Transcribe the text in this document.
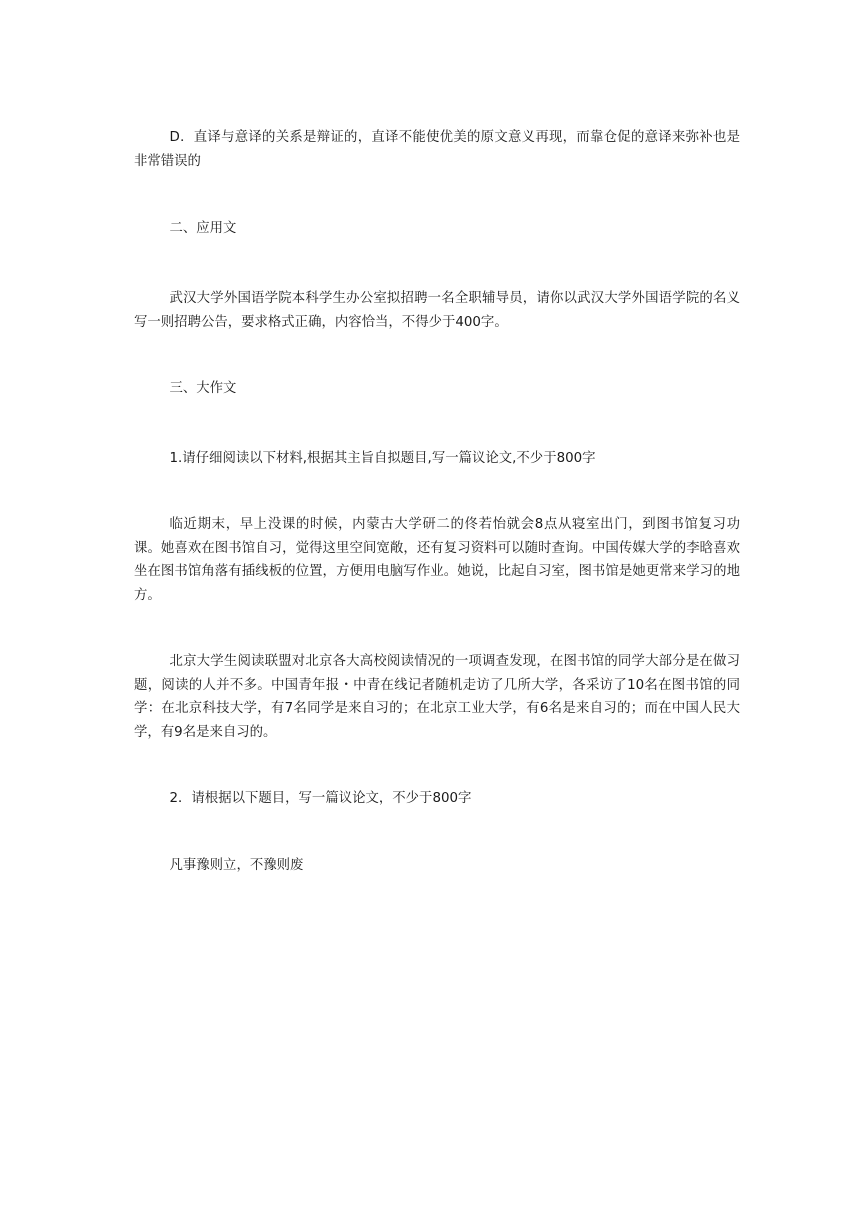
D．直译与意译的关系是辩证的，直译不能使优美的原文意义再现，而靠仓促的意译来弥补也是非常错误的

二、应用文

武汉大学外国语学院本科学生办公室拟招聘一名全职辅导员，请你以武汉大学外国语学院的名义写一则招聘公告，要求格式正确，内容恰当，不得少于400字。

三、大作文

1.请仔细阅读以下材料,根据其主旨自拟题目,写一篇议论文,不少于800字

临近期末，早上没课的时候，内蒙古大学研二的佟若怡就会8点从寝室出门，到图书馆复习功课。她喜欢在图书馆自习，觉得这里空间宽敞，还有复习资料可以随时查询。中国传媒大学的李晗喜欢坐在图书馆角落有插线板的位置，方便用电脑写作业。她说，比起自习室，图书馆是她更常来学习的地方。

北京大学生阅读联盟对北京各大高校阅读情况的一项调查发现，在图书馆的同学大部分是在做习题，阅读的人并不多。中国青年报・中青在线记者随机走访了几所大学，各采访了10名在图书馆的同学：在北京科技大学，有7名同学是来自习的；在北京工业大学，有6名是来自习的；而在中国人民大学，有9名是来自习的。

2．请根据以下题目，写一篇议论文，不少于800字

凡事豫则立，不豫则废
